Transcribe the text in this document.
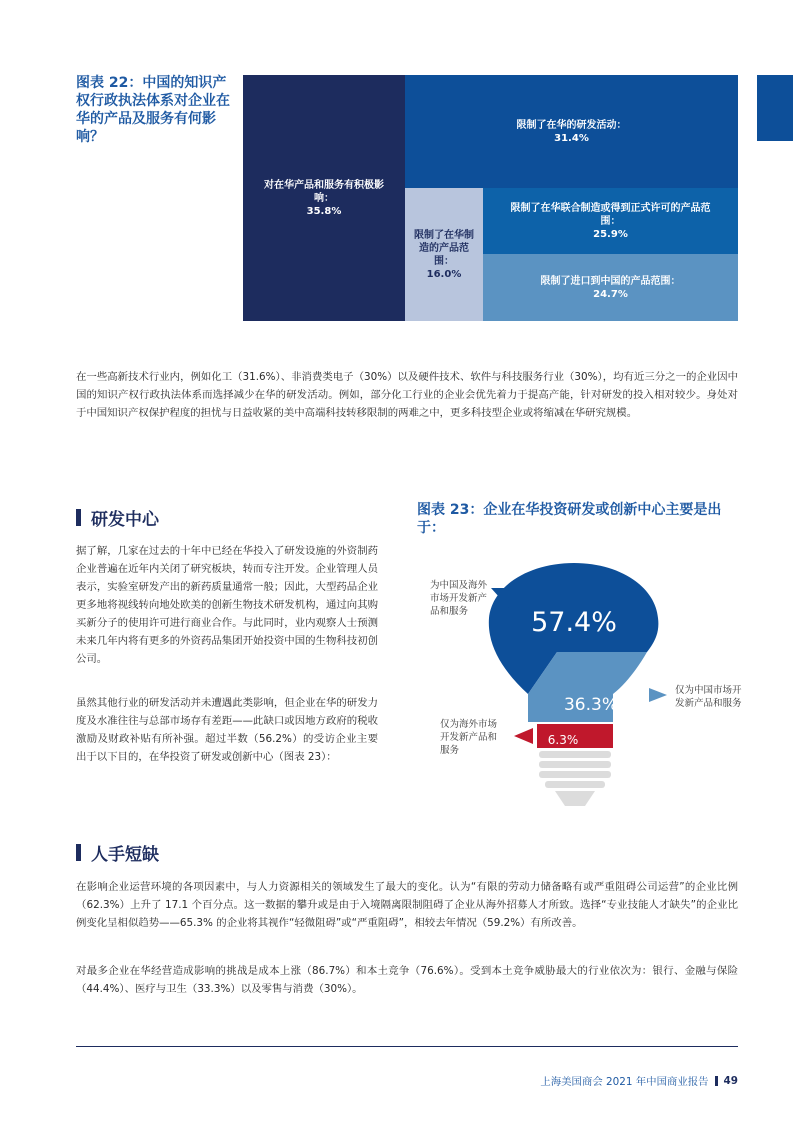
图表 22：中国的知识产权行政执法体系对企业在华的产品及服务有何影响？
对在华产品和服务有积极影响：
35.8%
限制了在华的研发活动：
31.4%
限制了在华制造的产品范围：
16.0%
限制了在华联合制造或得到正式许可的产品范围：
25.9%
限制了进口到中国的产品范围：
24.7%

在一些高新技术行业内，例如化工（31.6%）、非消费类电子（30%）以及硬件技术、软件与科技服务行业（30%），均有近三分之一的企业因中国的知识产权行政执法体系而选择减少在华的研发活动。例如，部分化工行业的企业会优先着力于提高产能，针对研发的投入相对较少。身处对于中国知识产权保护程度的担忧与日益收紧的美中高端科技转移限制的两难之中，更多科技型企业或将缩减在华研究规模。

研发中心

据了解，几家在过去的十年中已经在华投入了研发设施的外资制药企业普遍在近年内关闭了研究板块，转而专注开发。企业管理人员表示，实验室研发产出的新药质量通常一般；因此，大型药品企业更多地将视线转向地处欧美的创新生物技术研发机构，通过向其购买新分子的使用许可进行商业合作。与此同时，业内观察人士预测未来几年内将有更多的外资药品集团开始投资中国的生物科技初创公司。

虽然其他行业的研发活动并未遭遇此类影响，但企业在华的研发力度及水准往往与总部市场存有差距——此缺口或因地方政府的税收激励及财政补贴有所补强。超过半数（56.2%）的受访企业主要出于以下目的，在华投资了研发或创新中心（图表 23）：

图表 23：企业在华投资研发或创新中心主要是出于：
57.4%
36.3%
6.3%
为中国及海外市场开发新产品和服务
仅为中国市场开发新产品和服务
仅为海外市场开发新产品和服务
人手短缺

在影响企业运营环境的各项因素中，与人力资源相关的领域发生了最大的变化。认为“有限的劳动力储备略有或严重阻碍公司运营”的企业比例（62.3%）上升了 17.1 个百分点。这一数据的攀升或是由于入境隔离限制阻碍了企业从海外招募人才所致。选择“专业技能人才缺失”的企业比例变化呈相似趋势——65.3% 的企业将其视作“轻微阻碍”或“严重阻碍”，相较去年情况（59.2%）有所改善。

对最多企业在华经营造成影响的挑战是成本上涨（86.7%）和本土竞争（76.6%）。受到本土竞争威胁最大的行业依次为：银行、金融与保险（44.4%）、医疗与卫生（33.3%）以及零售与消费（30%）。

上海美国商会 2021 年中国商业报告 49
